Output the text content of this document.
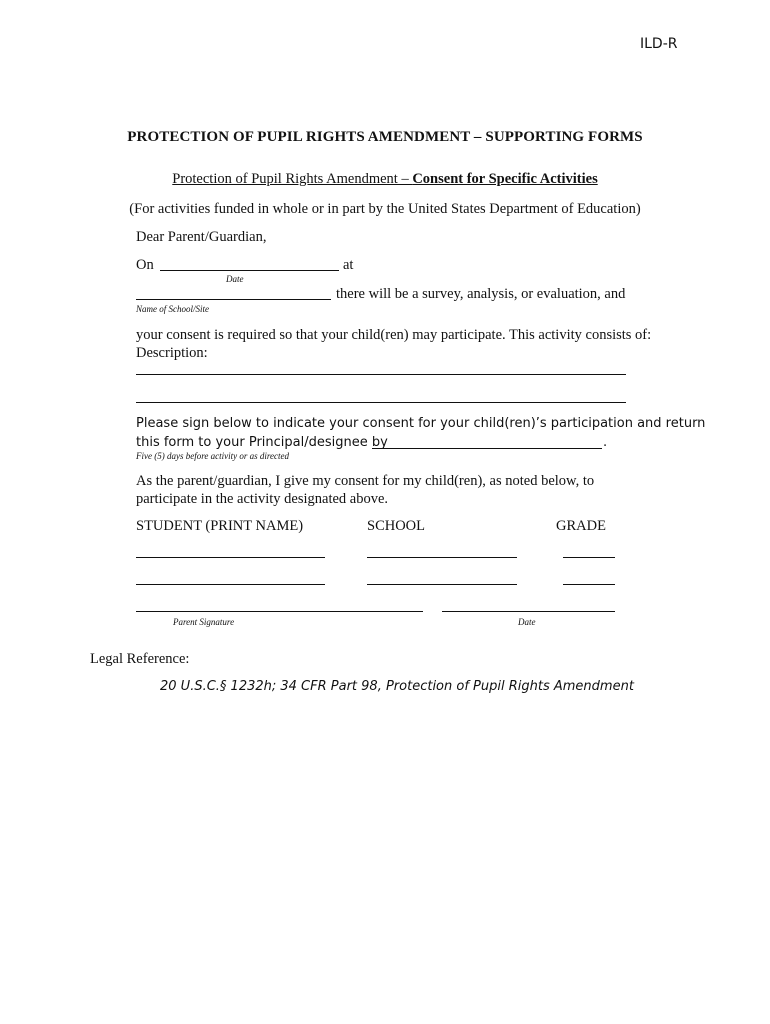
ILD-R
PROTECTION OF PUPIL RIGHTS AMENDMENT – SUPPORTING FORMS
Protection of Pupil Rights Amendment – Consent for Specific Activities
(For activities funded in whole or in part by the United States Department of Education)
Dear Parent/Guardian,
On	at
Date
there will be a survey, analysis, or evaluation, and
Name of School/Site
your consent is required so that your child(ren) may participate. This activity consists of:
Description:
Please sign below to indicate your consent for your child(ren)’s participation and return
this form to your Principal/designee by	.
Five (5) days before activity or as directed
As the parent/guardian, I give my consent for my child(ren), as noted below, to
participate in the activity designated above.
STUDENT (PRINT NAME)	SCHOOL	GRADE
Parent Signature	Date
Legal Reference:
20 U.S.C.§ 1232h; 34 CFR Part 98, Protection of Pupil Rights Amendment
